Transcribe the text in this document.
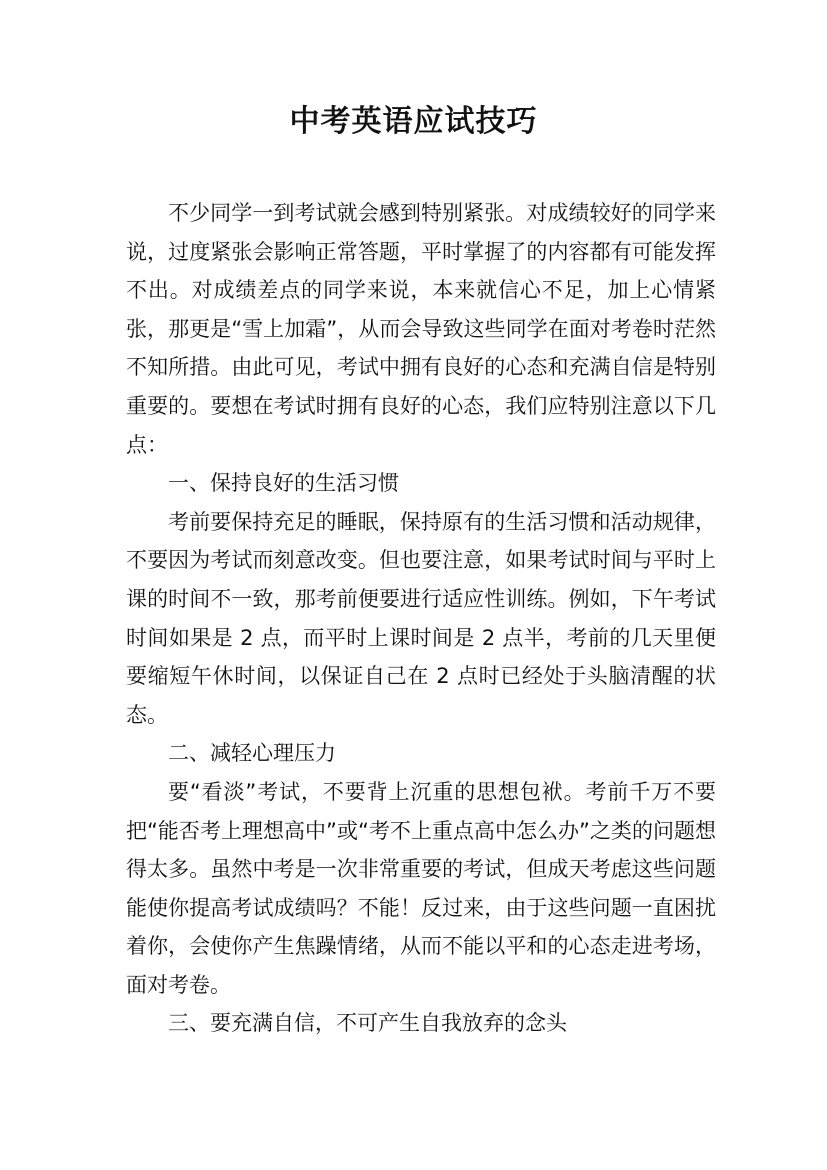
中考英语应试技巧

不少同学一到考试就会感到特别紧张。对成绩较好的同学来说，过度紧张会影响正常答题，平时掌握了的内容都有可能发挥不出。对成绩差点的同学来说，本来就信心不足，加上心情紧张，那更是“雪上加霜”，从而会导致这些同学在面对考卷时茫然不知所措。由此可见，考试中拥有良好的心态和充满自信是特别重要的。要想在考试时拥有良好的心态，我们应特别注意以下几点：

一、保持良好的生活习惯

考前要保持充足的睡眠，保持原有的生活习惯和活动规律，不要因为考试而刻意改变。但也要注意，如果考试时间与平时上课的时间不一致，那考前便要进行适应性训练。例如，下午考试时间如果是 2 点，而平时上课时间是 2 点半，考前的几天里便要缩短午休时间，以保证自己在 2 点时已经处于头脑清醒的状态。

二、减轻心理压力

要“看淡”考试，不要背上沉重的思想包袱。考前千万不要把“能否考上理想高中”或“考不上重点高中怎么办”之类的问题想得太多。虽然中考是一次非常重要的考试，但成天考虑这些问题能使你提高考试成绩吗？不能！反过来，由于这些问题一直困扰着你，会使你产生焦躁情绪，从而不能以平和的心态走进考场，面对考卷。

三、要充满自信，不可产生自我放弃的念头
